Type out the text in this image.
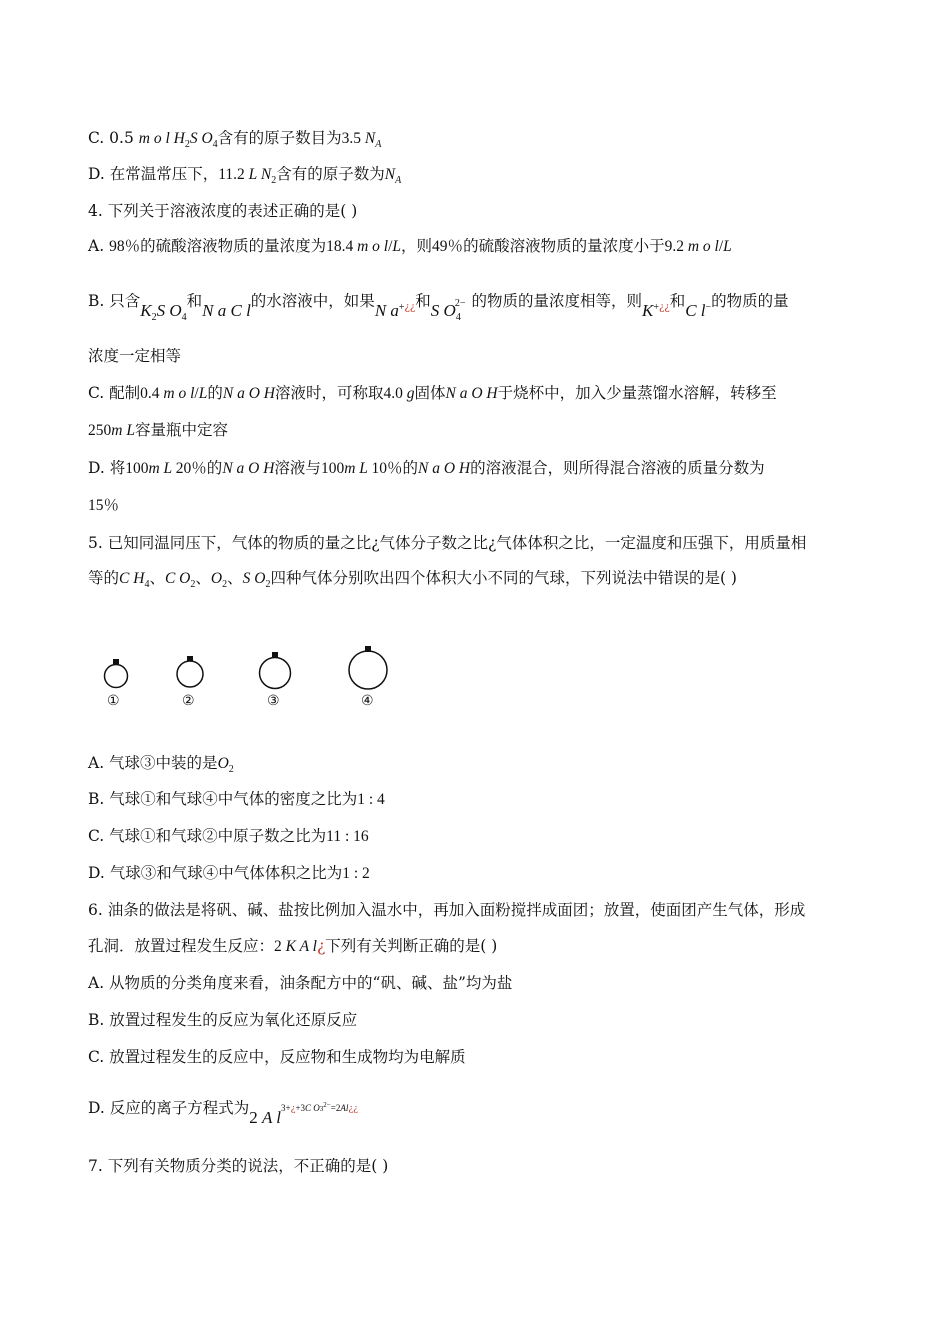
C. 0.5 m o l $H_2S$ $O_4$含有的原子数目为3.5 $N_A$
D. 在常温常压下，11.2 L $N_2$含有的原子数为$N_A$
4. 下列关于溶液浓度的表述正确的是( )
A. 98％的硫酸溶液物质的量浓度为18.4 m o l/L，则49％的硫酸溶液物质的量浓度小于9.2 m o l/L
B. 只含$K_2S$ $O_4$和N a C l的水溶液中，如果N $a^+_{¿¿}$和S $O_42-$ 的物质的量浓度相等，则$K^+_{¿¿}$和C l−的物质的量
浓度一定相等
C. 配制0.4 m o l/L的N a O H溶液时，可称取4.0 g固体N a O H于烧杯中，加入少量蒸馏水溶解，转移至
250m L容量瓶中定容
D. 将100m L 20％的N a O H溶液与100m L 10％的N a O H的溶液混合，则所得混合溶液的质量分数为
15％
5. 已知同温同压下，气体的物质的量之比¿气体分子数之比¿气体体积之比，一定温度和压强下，用质量相
等的C $H_4$、C $O_2$、$O_2$、S $O_2$四种气体分别吹出四个体积大小不同的气球，下列说法中错误的是( )
①	②	③	④
A. 气球③中装的是$O_2$
B. 气球①和气球④中气体的密度之比为1 : 4
C. 气球①和气球②中原子数之比为11 : 16
D. 气球③和气球④中气体体积之比为1 : 2
6. 油条的做法是将矾、碱、盐按比例加入温水中，再加入面粉搅拌成面团；放置，使面团产生气体，形成
孔洞．放置过程发生反应：2 K A l¿下列有关判断正确的是( )
A. 从物质的分类角度来看，油条配方中的“矾、碱、盐”均为盐
B. 放置过程发生的反应为氧化还原反应
C. 放置过程发生的反应中，反应物和生成物均为电解质
D. 反应的离子方程式为2 A l3+¿+3C $O3^{2-}=2Al¿¿$
7. 下列有关物质分类的说法，不正确的是( )
